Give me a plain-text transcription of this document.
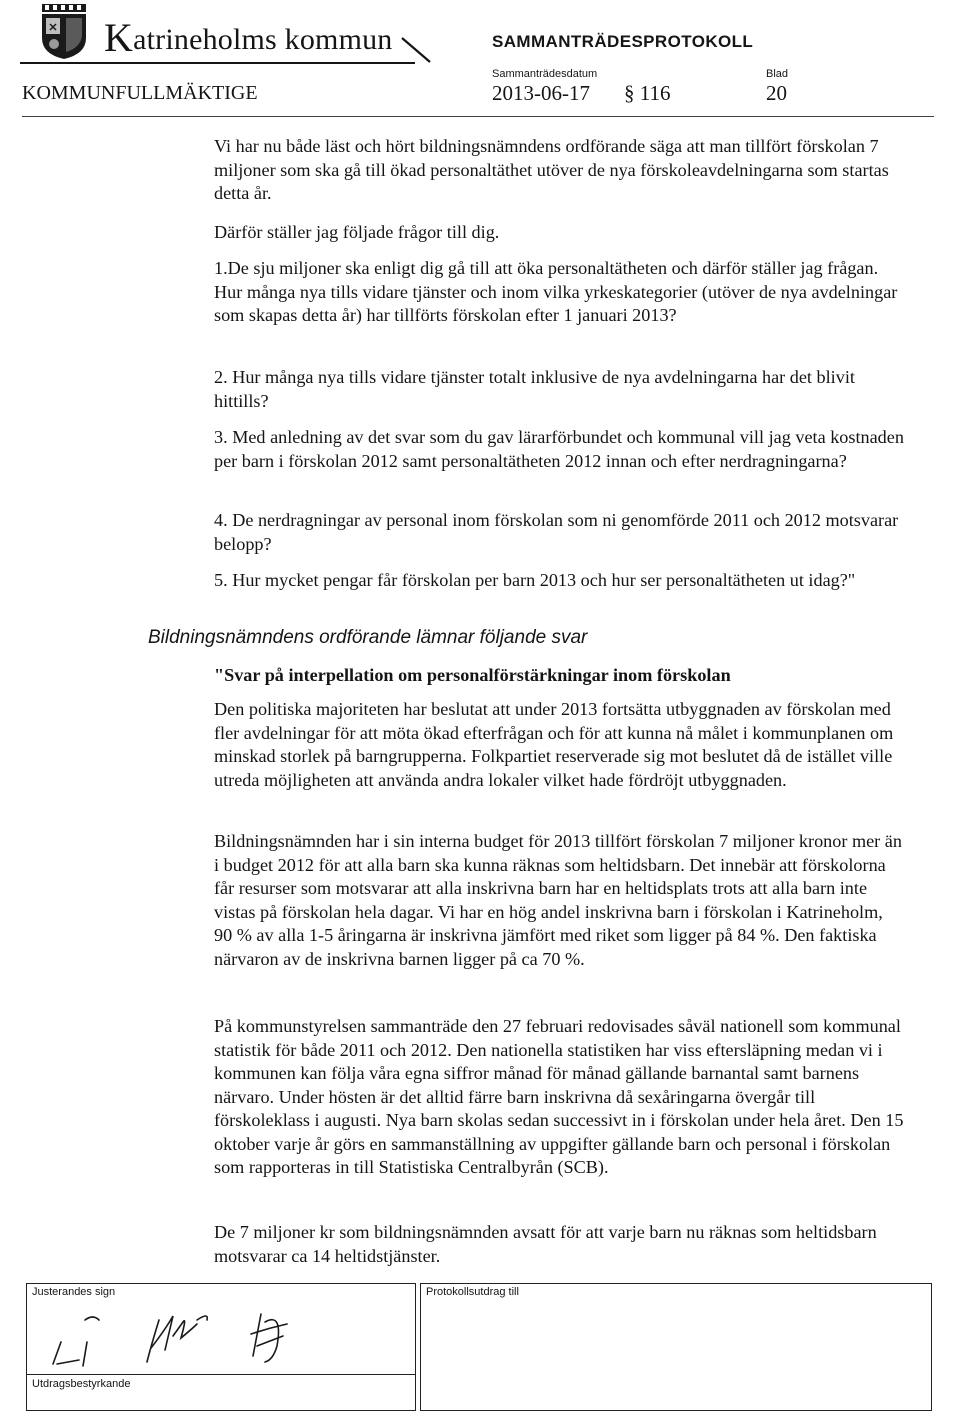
Katrineholms kommun	SAMMANTRÄDESPROTOKOLL
KOMMUNFULLMÄKTIGE
Sammanträdesdatum
2013-06-17 § 116
Blad
20

Vi har nu både läst och hört bildningsnämndens ordförande säga att man tillfört förskolan 7 miljoner som ska gå till ökad personaltäthet utöver de nya förskoleavdelningarna som startas detta år.

Därför ställer jag följade frågor till dig.

1.De sju miljoner ska enligt dig gå till att öka personaltätheten och därför ställer jag frågan. Hur många nya tills vidare tjänster och inom vilka yrkeskategorier (utöver de nya avdelningar som skapas detta år) har tillförts förskolan efter 1 januari 2013?

2. Hur många nya tills vidare tjänster totalt inklusive de nya avdelningarna har det blivit hittills?

3. Med anledning av det svar som du gav lärarförbundet och kommunal vill jag veta kostnaden per barn i förskolan 2012 samt personaltätheten 2012 innan och efter nerdragningarna?

4. De nerdragningar av personal inom förskolan som ni genomförde 2011 och 2012 motsvarar belopp?

5. Hur mycket pengar får förskolan per barn 2013 och hur ser personaltätheten ut idag?"

Bildningsnämndens ordförande lämnar följande svar

"Svar på interpellation om personalförstärkningar inom förskolan

Den politiska majoriteten har beslutat att under 2013 fortsätta utbyggnaden av förskolan med fler avdelningar för att möta ökad efterfrågan och för att kunna nå målet i kommunplanen om minskad storlek på barngrupperna. Folkpartiet reserverade sig mot beslutet då de istället ville utreda möjligheten att använda andra lokaler vilket hade fördröjt utbyggnaden.

Bildningsnämnden har i sin interna budget för 2013 tillfört förskolan 7 miljoner kronor mer än i budget 2012 för att alla barn ska kunna räknas som heltidsbarn. Det innebär att förskolorna får resurser som motsvarar att alla inskrivna barn har en heltidsplats trots att alla barn inte vistas på förskolan hela dagar. Vi har en hög andel inskrivna barn i förskolan i Katrineholm, 90 % av alla 1-5 åringarna är inskrivna jämfört med riket som ligger på 84 %. Den faktiska närvaron av de inskrivna barnen ligger på ca 70 %.

På kommunstyrelsen sammanträde den 27 februari redovisades såväl nationell som kommunal statistik för både 2011 och 2012. Den nationella statistiken har viss eftersläpning medan vi i kommunen kan följa våra egna siffror månad för månad gällande barnantal samt barnens närvaro. Under hösten är det alltid färre barn inskrivna då sexåringarna övergår till förskoleklass i augusti. Nya barn skolas sedan successivt in i förskolan under hela året. Den 15 oktober varje år görs en sammanställning av uppgifter gällande barn och personal i förskolan som rapporteras in till Statistiska Centralbyrån (SCB).

De 7 miljoner kr som bildningsnämnden avsatt för att varje barn nu räknas som heltidsbarn motsvarar ca 14 heltidstjänster.

Justerandes sign
Utdragsbestyrkande
Protokollsutdrag till
